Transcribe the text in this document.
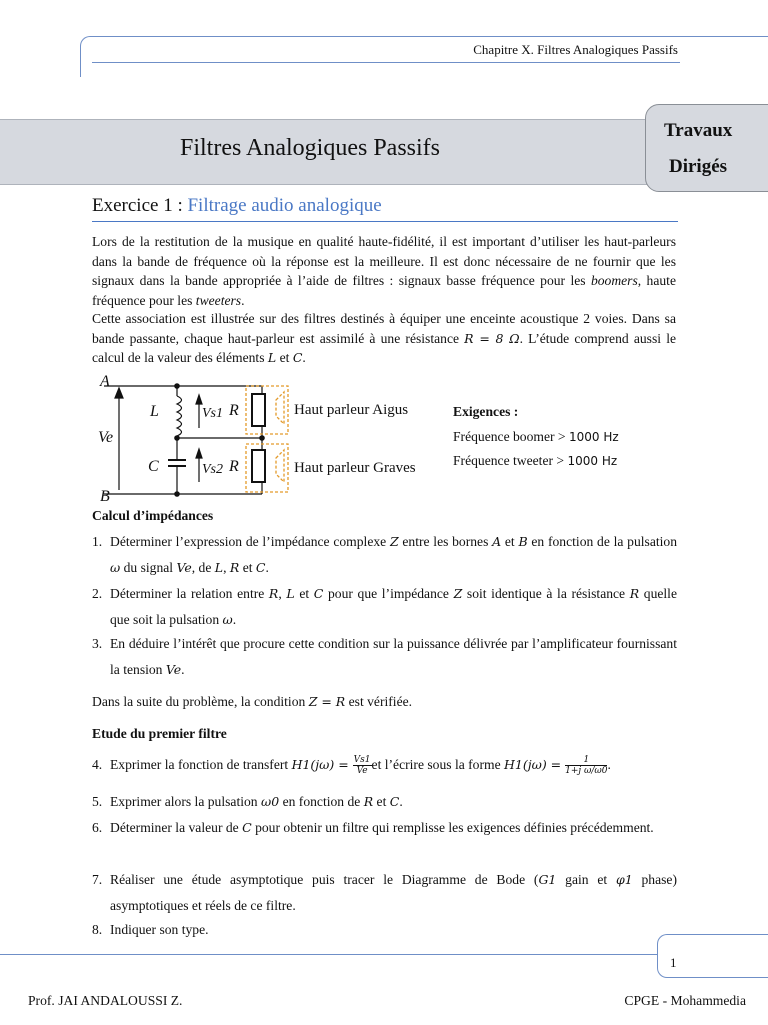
Chapitre X. Filtres Analogiques Passifs
Filtres Analogiques Passifs
Travaux
Dirigés
Exercice 1 : Filtrage audio analogique

Lors de la restitution de la musique en qualité haute-fidélité, il est important d’utiliser les haut-parleurs dans la bande de fréquence où la réponse est la meilleure. Il est donc nécessaire de ne fournir que les signaux dans la bande appropriée à l’aide de filtres : signaux basse fréquence pour les boomers, haute fréquence pour les tweeters.

Cette association est illustrée sur des filtres destinés à équiper une enceinte acoustique 2 voies. Dans sa bande passante, chaque haut-parleur est assimilé à une résistance R = 8 Ω. L’étude comprend aussi le calcul de la valeur des éléments L et C.

A
B
Ve
L
C
R
R
Vs1
Vs2
Haut parleur Aigus
Haut parleur Graves
Exigences :
Fréquence boomer > 1000 Hz
Fréquence tweeter > 1000 Hz
Calcul d’impédances
1. Déterminer l’expression de l’impédance complexe Z entre les bornes A et B en fonction de la pulsation ω du signal Ve, de L, R et C.
2. Déterminer la relation entre R, L et C pour que l’impédance Z soit identique à la résistance R quelle que soit la pulsation ω.
3. En déduire l’intérêt que procure cette condition sur la puissance délivrée par l’amplificateur fournissant la tension Ve.
Dans la suite du problème, la condition Z = R est vérifiée.
Etude du premier filtre
4. Exprimer la fonction de transfert $H1(j\omega) = \frac{Vs1}{Ve}$ et l’écrire sous la forme $H1(j\omega) = \frac{1}{\text{1+j ω/ω0}}$ .
5. Exprimer alors la pulsation ω0 en fonction de R et C.
6. Déterminer la valeur de C pour obtenir un filtre qui remplisse les exigences définies précédemment.
7. Réaliser une étude asymptotique puis tracer le Diagramme de Bode (G1 gain et φ1 phase) asymptotiques et réels de ce filtre.
8. Indiquer son type.
1
Prof. JAI ANDALOUSSI Z.	CPGE - Mohammedia
